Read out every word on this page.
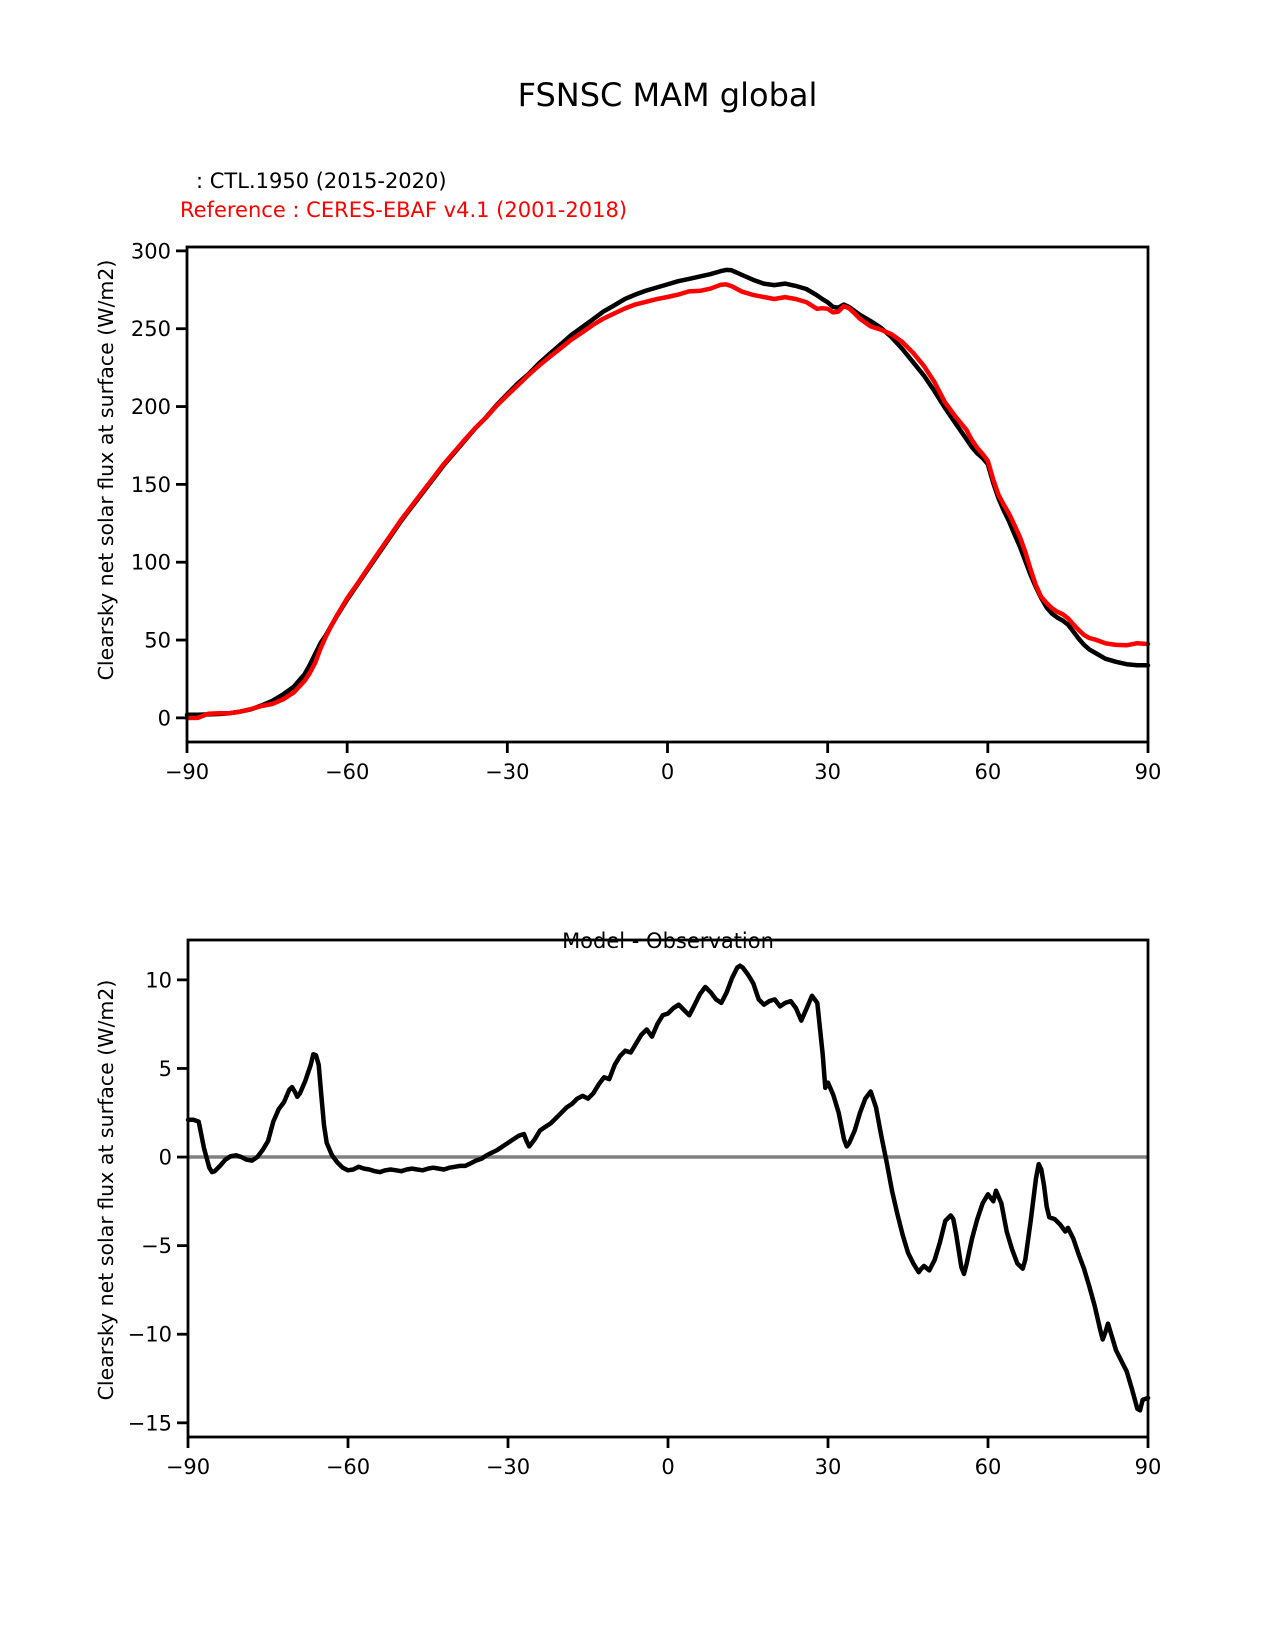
FSNSC MAM global
: CTL.1950 (2015-2020)
Reference : CERES-EBAF v4.1 (2001-2018)
Clearsky net solar flux at surface (W/m2)
Model - Observation
Clearsky net solar flux at surface (W/m2)
−90	−60	−30	0	30	60	90
0
50
100
150
200
250
300
−90	−60	−30	0	30	60	90
−15
−10
−5
0
5
10
